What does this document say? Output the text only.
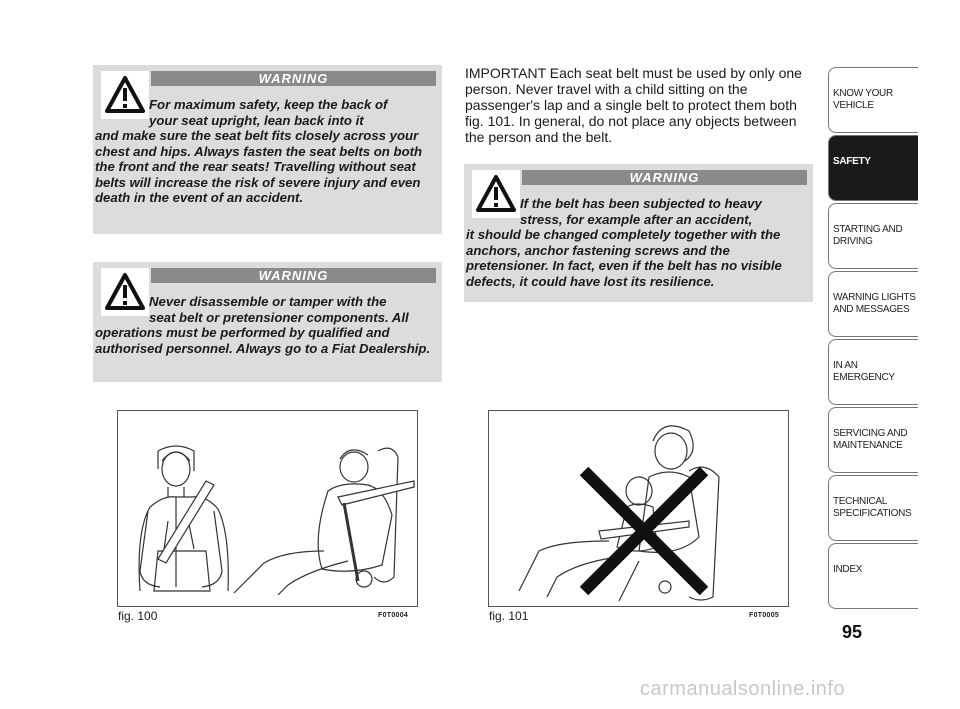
WARNING

For maximum safety, keep the back of
your seat upright, lean back into it
and make sure the seat belt fits closely across your chest and hips. Always fasten the seat belts on both the front and the rear seats! Travelling without seat belts will increase the risk of severe injury and even death in the event of an accident.

WARNING

Never disassemble or tamper with the
seat belt or pretensioner components. All
operations must be performed by qualified and authorised personnel. Always go to a Fiat Dealership.

IMPORTANT Each seat belt must be used by only one person. Never travel with a child sitting on the passenger's lap and a single belt to protect them both fig. 101. In general, do not place any objects between the person and the belt.

WARNING

If the belt has been subjected to heavy
stress, for example after an accident,
it should be changed completely together with the anchors, anchor fastening screws and the pretensioner. In fact, even if the belt has no visible defects, it could have lost its resilience.

fig. 100	F0T0004	fig. 101	F0T0005
KNOW YOUR VEHICLE
SAFETY
STARTING AND DRIVING
WARNING LIGHTS AND MESSAGES
IN AN EMERGENCY
SERVICING AND MAINTENANCE
TECHNICAL SPECIFICATIONS
INDEX
95
carmanualsonline.info
